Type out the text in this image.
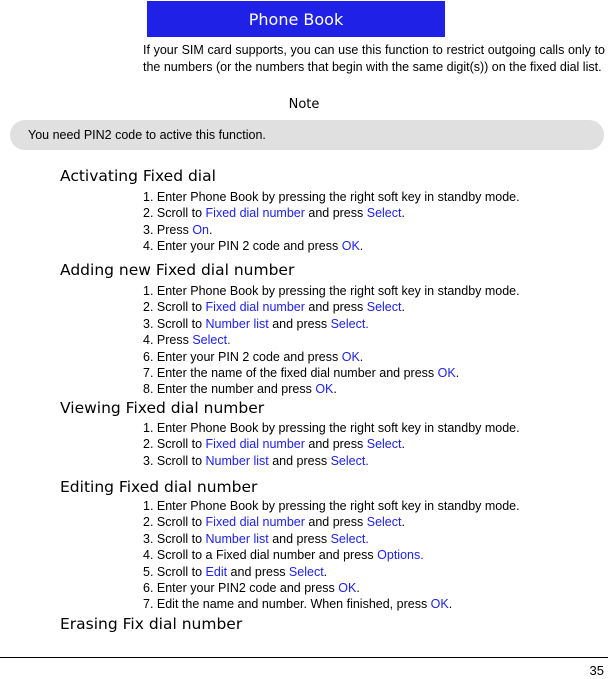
Phone Book
If your SIM card supports, you can use this function to restrict outgoing calls only to the numbers (or the numbers that begin with the same digit(s)) on the fixed dial list.
Note
You need PIN2 code to active this function.
Activating Fixed dial
1. Enter Phone Book by pressing the right soft key in standby mode.
2. Scroll to Fixed dial number and press Select.
3. Press On.
4. Enter your PIN 2 code and press OK.
Adding new Fixed dial number
1. Enter Phone Book by pressing the right soft key in standby mode.
2. Scroll to Fixed dial number and press Select.
3. Scroll to Number list and press Select.
4. Press Select.
6. Enter your PIN 2 code and press OK.
7. Enter the name of the fixed dial number and press OK.
8. Enter the number and press OK.
Viewing Fixed dial number
1. Enter Phone Book by pressing the right soft key in standby mode.
2. Scroll to Fixed dial number and press Select.
3. Scroll to Number list and press Select.
Editing Fixed dial number
1. Enter Phone Book by pressing the right soft key in standby mode.
2. Scroll to Fixed dial number and press Select.
3. Scroll to Number list and press Select.
4. Scroll to a Fixed dial number and press Options.
5. Scroll to Edit and press Select.
6. Enter your PIN2 code and press OK.
7. Edit the name and number. When finished, press OK.
Erasing Fix dial number
35
